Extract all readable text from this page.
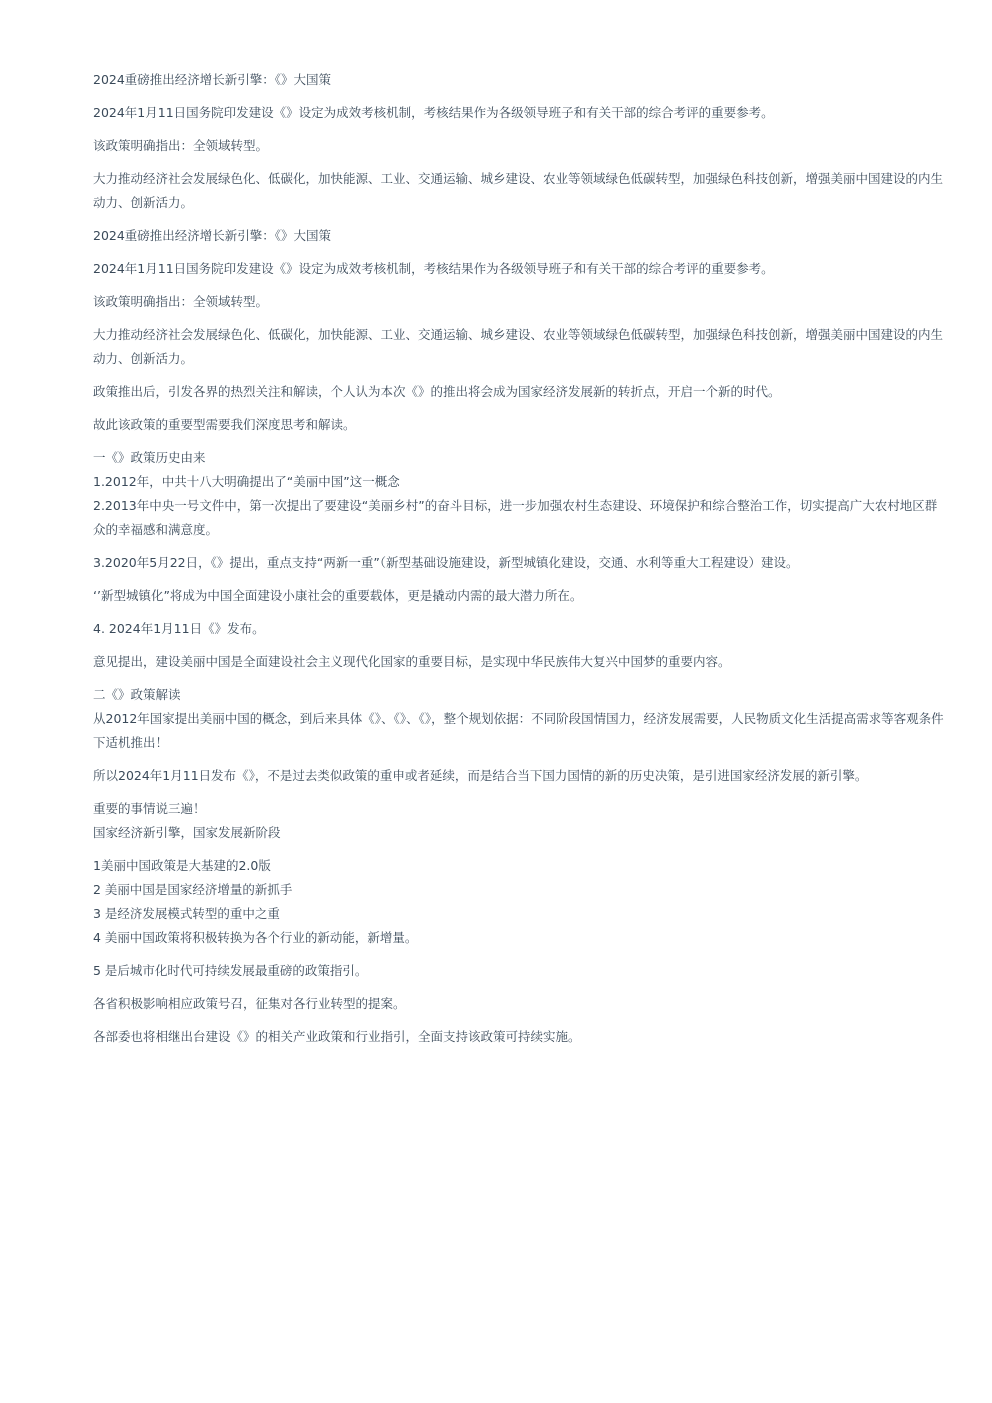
2024重磅推出经济增长新引擎：《》大国策
2024年1月11日国务院印发建设《》设定为成效考核机制，考核结果作为各级领导班子和有关干部的综合考评的重要参考。
该政策明确指出：全领域转型。
大力推动经济社会发展绿色化、低碳化，加快能源、工业、交通运输、城乡建设、农业等领域绿色低碳转型，加强绿色科技创新，增强美丽中国建设的内生动力、创新活力。
2024重磅推出经济增长新引擎：《》大国策
2024年1月11日国务院印发建设《》设定为成效考核机制，考核结果作为各级领导班子和有关干部的综合考评的重要参考。
该政策明确指出：全领域转型。
大力推动经济社会发展绿色化、低碳化，加快能源、工业、交通运输、城乡建设、农业等领域绿色低碳转型，加强绿色科技创新，增强美丽中国建设的内生动力、创新活力。
政策推出后，引发各界的热烈关注和解读，个人认为本次《》的推出将会成为国家经济发展新的转折点，开启一个新的时代。
故此该政策的重要型需要我们深度思考和解读。
一《》政策历史由来
1.2012年，中共十八大明确提出了“美丽中国”这一概念
2.2013年中央一号文件中，第一次提出了要建设“美丽乡村”的奋斗目标，进一步加强农村生态建设、环境保护和综合整治工作，切实提高广大农村地区群众的幸福感和满意度。
3.2020年5月22日，《》提出，重点支持“两新一重”（新型基础设施建设，新型城镇化建设，交通、水利等重大工程建设）建设。
‘’新型城镇化”将成为中国全面建设小康社会的重要载体，更是撬动内需的最大潜力所在。
4. 2024年1月11日《》发布。
意见提出，建设美丽中国是全面建设社会主义现代化国家的重要目标，是实现中华民族伟大复兴中国梦的重要内容。
二《》政策解读
从2012年国家提出美丽中国的概念，到后来具体《》、《》、《》，整个规划依据：不同阶段国情国力，经济发展需要，人民物质文化生活提高需求等客观条件下适机推出！
所以2024年1月11日发布《》，不是过去类似政策的重申或者延续，而是结合当下国力国情的新的历史决策，是引进国家经济发展的新引擎。
重要的事情说三遍！
国家经济新引擎，国家发展新阶段
1美丽中国政策是大基建的2.0版
2 美丽中国是国家经济增量的新抓手
3 是经济发展模式转型的重中之重
4 美丽中国政策将积极转换为各个行业的新动能，新增量。
5 是后城市化时代可持续发展最重磅的政策指引。
各省积极影响相应政策号召，征集对各行业转型的提案。
各部委也将相继出台建设《》的相关产业政策和行业指引，全面支持该政策可持续实施。
